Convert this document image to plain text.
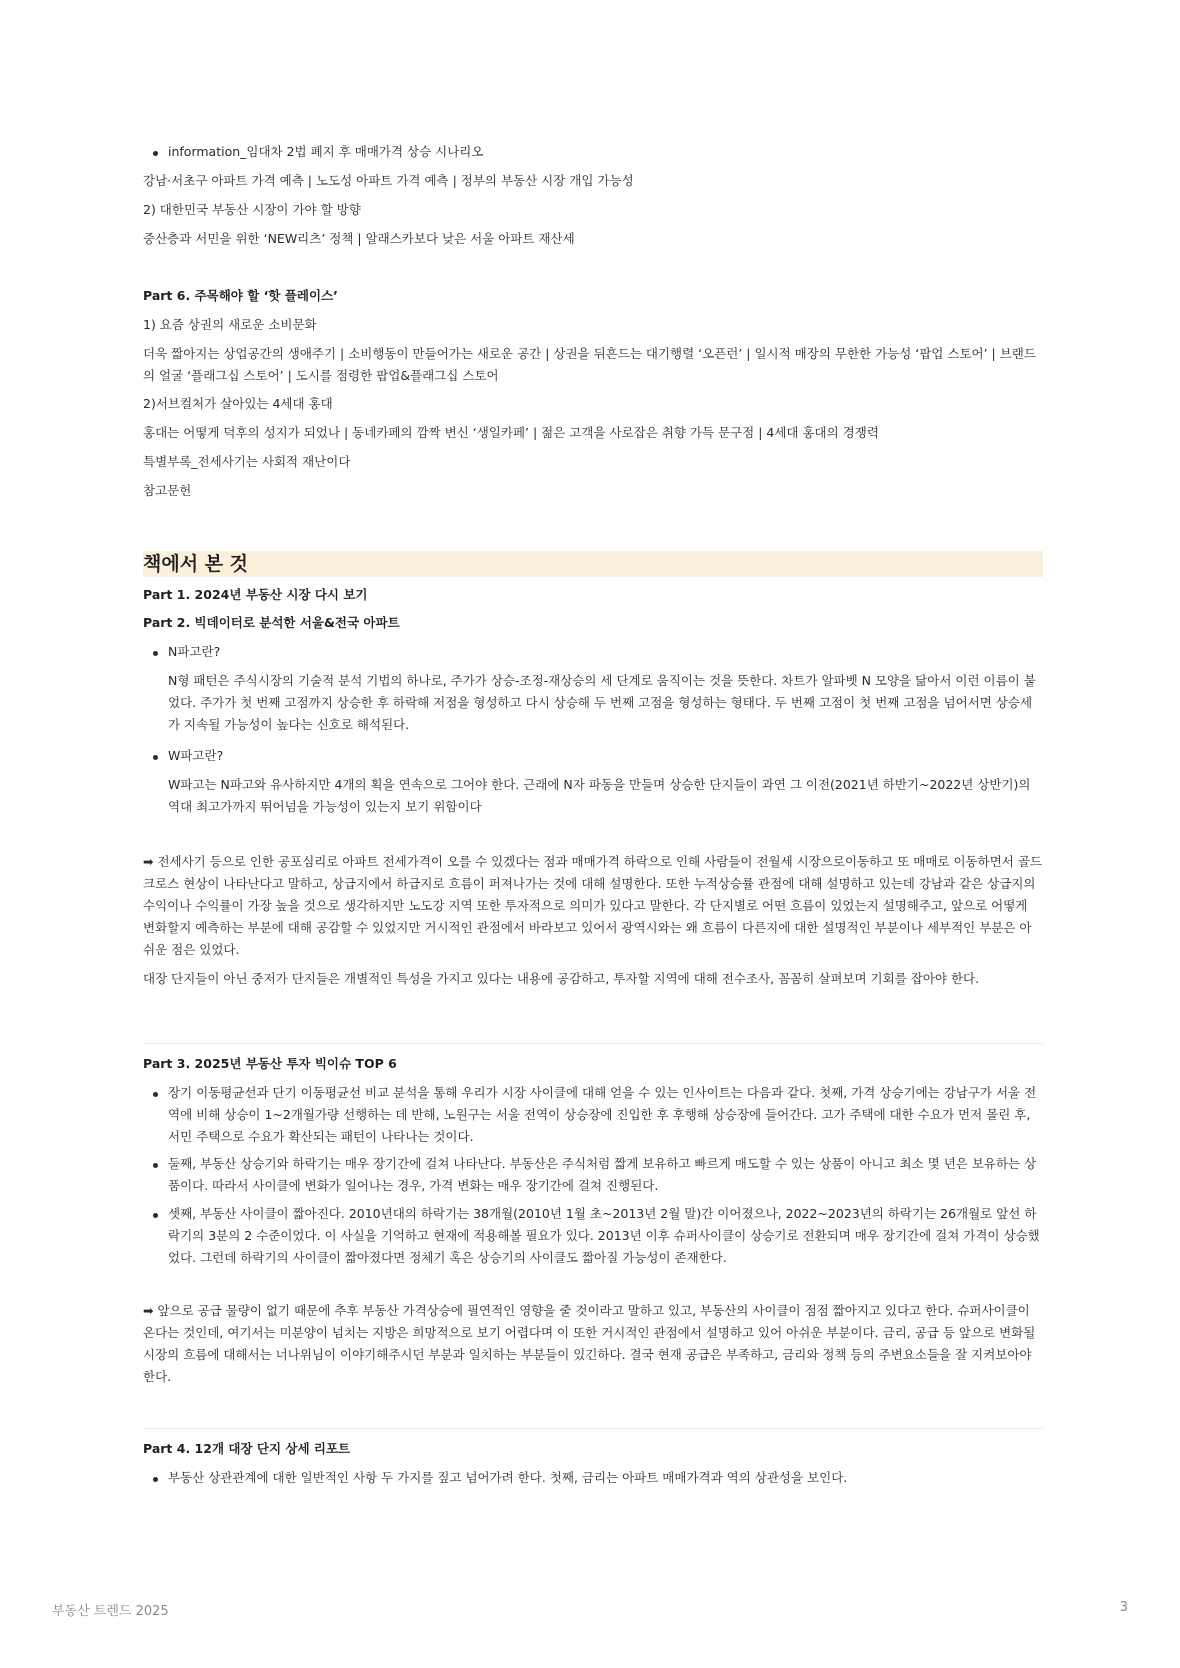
information_임대차 2법 폐지 후 매매가격 상승 시나리오
강남·서초구 아파트 가격 예측 | 노도성 아파트 가격 예측 | 정부의 부동산 시장 개입 가능성
2) 대한민국 부동산 시장이 가야 할 방향
중산층과 서민을 위한 ‘NEW리츠’ 정책 | 알래스카보다 낮은 서울 아파트 재산세
Part 6. 주목해야 할 ‘핫 플레이스’
1) 요즘 상권의 새로운 소비문화
더욱 짧아지는 상업공간의 생애주기 | 소비행동이 만들어가는 새로운 공간 | 상권을 뒤흔드는 대기행렬 ‘오픈런’ | 일시적 매장의 무한한 가능성 ‘팝업 스토어’ | 브랜드의 얼굴 ‘플래그십 스토어’ | 도시를 점령한 팝업&플래그십 스토어
2)서브컬처가 살아있는 4세대 홍대
홍대는 어떻게 덕후의 성지가 되었나 | 동네카페의 깜짝 변신 ‘생일카페’ | 젊은 고객을 사로잡은 취향 가득 문구점 | 4세대 홍대의 경쟁력
특별부록_전세사기는 사회적 재난이다
참고문헌
책에서 본 것
Part 1. 2024년 부동산 시장 다시 보기
Part 2. 빅데이터로 분석한 서울&전국 아파트
N파고란?
N형 패턴은 주식시장의 기술적 분석 기법의 하나로, 주가가 상승-조정-재상승의 세 단계로 움직이는 것을 뜻한다. 차트가 알파벳 N 모양을 닮아서 이런 이름이 붙었다. 주가가 첫 번째 고점까지 상승한 후 하락해 저점을 형성하고 다시 상승해 두 번째 고점을 형성하는 형태다. 두 번째 고점이 첫 번째 고점을 넘어서면 상승세가 지속될 가능성이 높다는 신호로 해석된다.
W파고란?
W파고는 N파고와 유사하지만 4개의 획을 연속으로 그어야 한다. 근래에 N자 파동을 만들며 상승한 단지들이 과연 그 이전(2021년 하반기~2022년 상반기)의 역대 최고가까지 뛰어넘을 가능성이 있는지 보기 위함이다
➡ 전세사기 등으로 인한 공포심리로 아파트 전세가격이 오를 수 있겠다는 점과 매매가격 하락으로 인해 사람들이 전월세 시장으로이동하고 또 매매로 이동하면서 골드크로스 현상이 나타난다고 말하고, 상급지에서 하급지로 흐름이 퍼져나가는 것에 대해 설명한다. 또한 누적상승률 관점에 대해 설명하고 있는데 강남과 같은 상급지의 수익이나 수익률이 가장 높을 것으로 생각하지만 노도강 지역 또한 투자적으로 의미가 있다고 말한다. 각 단지별로 어떤 흐름이 있었는지 설명해주고, 앞으로 어떻게 변화할지 예측하는 부분에 대해 공감할 수 있었지만 거시적인 관점에서 바라보고 있어서 광역시와는 왜 흐름이 다른지에 대한 설명적인 부분이나 세부적인 부분은 아쉬운 점은 있었다.
대장 단지들이 아닌 중저가 단지들은 개별적인 특성을 가지고 있다는 내용에 공감하고, 투자할 지역에 대해 전수조사, 꼼꼼히 살펴보며 기회를 잡아야 한다.
Part 3. 2025년 부동산 투자 빅이슈 TOP 6
장기 이동평균선과 단기 이동평균선 비교 분석을 통해 우리가 시장 사이클에 대해 얻을 수 있는 인사이트는 다음과 같다. 첫째, 가격 상승기에는 강남구가 서울 전역에 비해 상승이 1~2개월가량 선행하는 데 반해, 노원구는 서울 전역이 상승장에 진입한 후 후행해 상승장에 들어간다. 고가 주택에 대한 수요가 먼저 몰린 후, 서민 주택으로 수요가 확산되는 패턴이 나타나는 것이다.
둘째, 부동산 상승기와 하락기는 매우 장기간에 걸쳐 나타난다. 부동산은 주식처럼 짧게 보유하고 빠르게 매도할 수 있는 상품이 아니고 최소 몇 년은 보유하는 상품이다. 따라서 사이클에 변화가 일어나는 경우, 가격 변화는 매우 장기간에 걸쳐 진행된다.
셋째, 부동산 사이클이 짧아진다. 2010년대의 하락기는 38개월(2010년 1월 초~2013년 2월 말)간 이어졌으나, 2022~2023년의 하락기는 26개월로 앞선 하락기의 3분의 2 수준이었다. 이 사실을 기억하고 현재에 적용해볼 필요가 있다. 2013년 이후 슈퍼사이클이 상승기로 전환되며 매우 장기간에 걸쳐 가격이 상승했었다. 그런데 하락기의 사이클이 짧아졌다면 정체기 혹은 상승기의 사이클도 짧아질 가능성이 존재한다.
➡ 앞으로 공급 물량이 없기 때문에 추후 부동산 가격상승에 필연적인 영향을 줄 것이라고 말하고 있고, 부동산의 사이클이 점점 짧아지고 있다고 한다. 슈퍼사이클이 온다는 것인데, 여기서는 미분양이 넘치는 지방은 희망적으로 보기 어렵다며 이 또한 거시적인 관점에서 설명하고 있어 아쉬운 부분이다. 금리, 공급 등 앞으로 변화될 시장의 흐름에 대해서는 너나위님이 이야기해주시던 부분과 일치하는 부분들이 있긴하다. 결국 현재 공급은 부족하고, 금리와 정책 등의 주변요소들을 잘 지켜보아야한다.
Part 4. 12개 대장 단지 상세 리포트
부동산 상관관계에 대한 일반적인 사항 두 가지를 짚고 넘어가려 한다. 첫째, 금리는 아파트 매매가격과 역의 상관성을 보인다.
부동산 트렌드 2025	3
